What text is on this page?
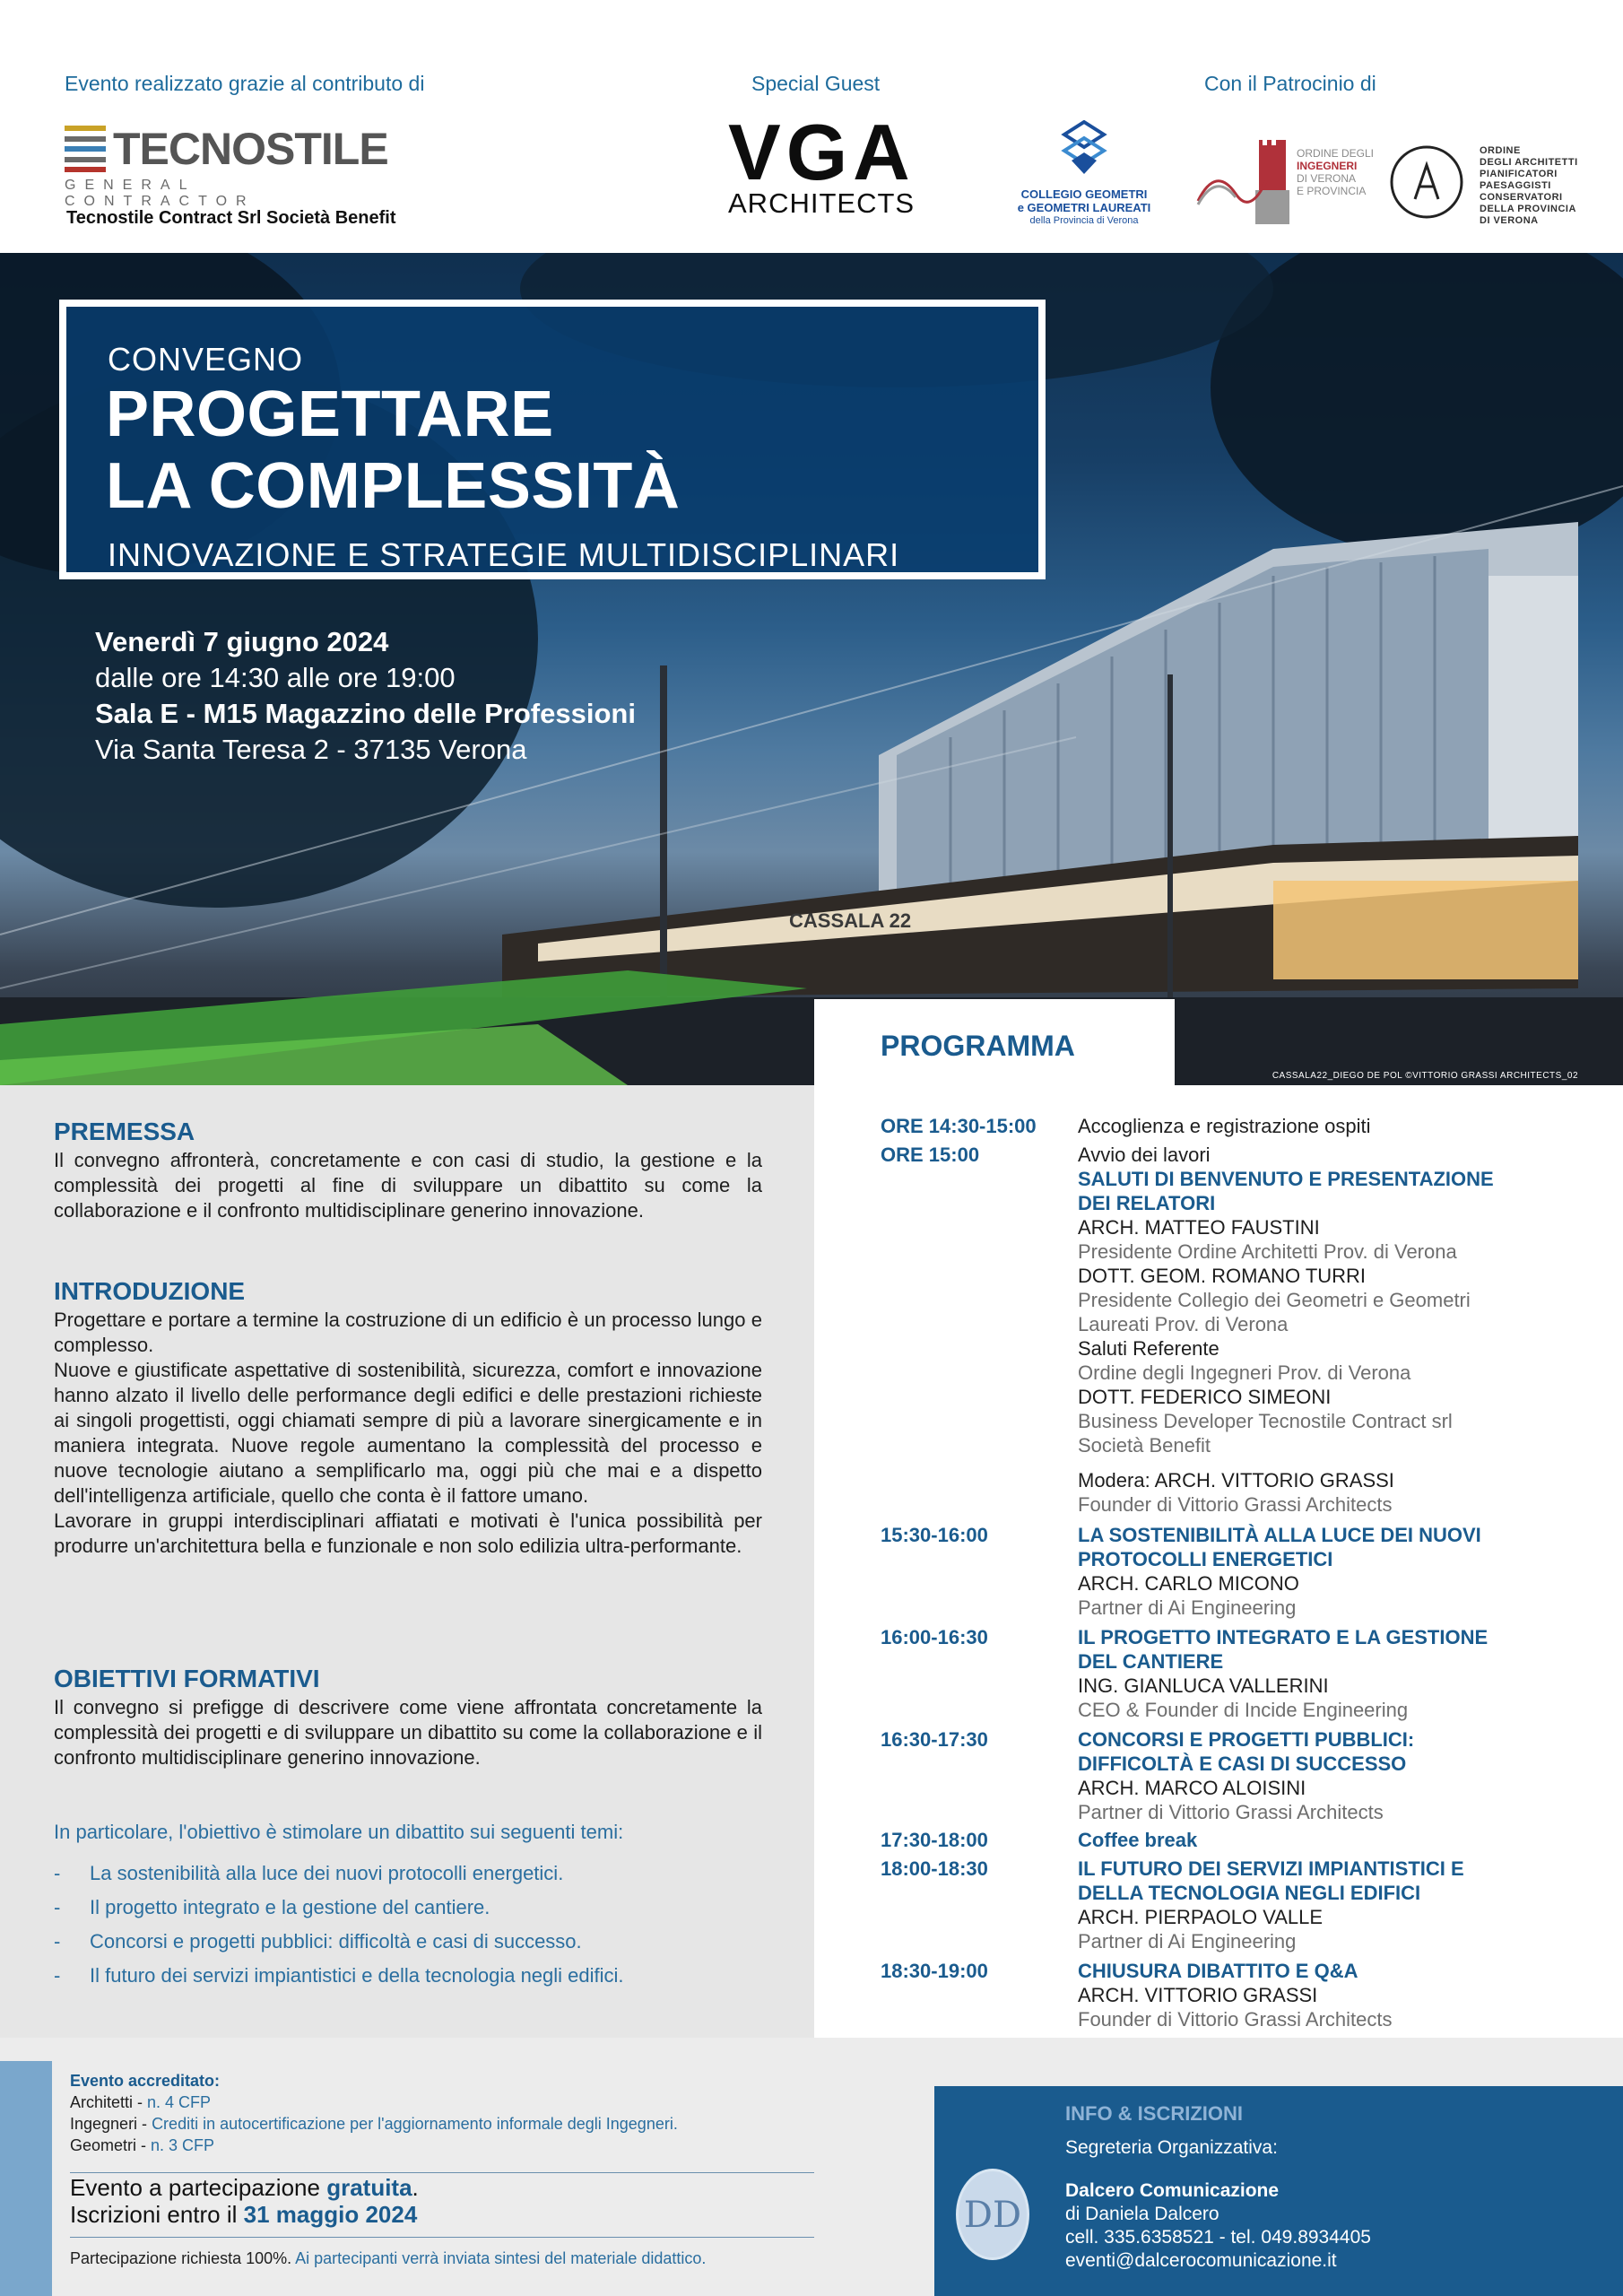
Evento realizzato grazie al contributo di	Special Guest	Con il Patrocinio di
TECNOSTILE
GENERAL CONTRACTOR
Tecnostile Contract Srl Società Benefit
VGA
ARCHITECTS	COLLEGIO GEOMETRI
e GEOMETRI LAUREATI
della Provincia di Verona
ORDINE DEGLI
INGEGNERI
DI VERONA
E PROVINCIA
ORDINE
DEGLI ARCHITETTI
PIANIFICATORI
PAESAGGISTI
CONSERVATORI
DELLA PROVINCIA
DI VERONA
CASSALA 22
CONVEGNO
PROGETTARE
LA COMPLESSITÀ
INNOVAZIONE E STRATEGIE MULTIDISCIPLINARI
Venerdì 7 giugno 2024
dalle ore 14:30 alle ore 19:00
Sala E - M15 Magazzino delle Professioni
Via Santa Teresa 2 - 37135 Verona
PROGRAMMA
CASSALA22_DIEGO DE POL ©VITTORIO GRASSI ARCHITECTS_02
PREMESSA
Il convegno affronterà, concretamente e con casi di studio, la gestione e la complessità dei progetti al fine di sviluppare un dibattito su come la collaborazione e il confronto multidisciplinare generino innovazione.
INTRODUZIONE
Progettare e portare a termine la costruzione di un edificio è un processo lungo e complesso.
Nuove e giustificate aspettative di sostenibilità, sicurezza, comfort e innovazione hanno alzato il livello delle performance degli edifici e delle prestazioni richieste ai singoli progettisti, oggi chiamati sempre di più a lavorare sinergicamente e in maniera integrata. Nuove regole aumentano la complessità del processo e nuove tecnologie aiutano a semplificarlo ma, oggi più che mai e a dispetto dell'intelligenza artificiale, quello che conta è il fattore umano.
Lavorare in gruppi interdisciplinari affiatati e motivati è l'unica possibilità per produrre un'architettura bella e funzionale e non solo edilizia ultra-performante.
OBIETTIVI FORMATIVI
Il convegno si prefigge di descrivere come viene affrontata concretamente la complessità dei progetti e di sviluppare un dibattito su come la collaborazione e il confronto multidisciplinare generino innovazione.
In particolare, l'obiettivo è stimolare un dibattito sui seguenti temi:
-	La sostenibilità alla luce dei nuovi protocolli energetici.
-	Il progetto integrato e la gestione del cantiere.
-	Concorsi e progetti pubblici: difficoltà e casi di successo.
-	Il futuro dei servizi impiantistici e della tecnologia negli edifici.
ORE 14:30-15:00	Accoglienza e registrazione ospiti
ORE 15:00	Avvio dei lavori
SALUTI DI BENVENUTO E PRESENTAZIONE
DEI RELATORI
ARCH. MATTEO FAUSTINI
Presidente Ordine Architetti Prov. di Verona
DOTT. GEOM. ROMANO TURRI
Presidente Collegio dei Geometri e Geometri
Laureati Prov. di Verona
Saluti Referente
Ordine degli Ingegneri Prov. di Verona
DOTT. FEDERICO SIMEONI
Business Developer Tecnostile Contract srl
Società Benefit
Modera: ARCH. VITTORIO GRASSI
Founder di Vittorio Grassi Architects
15:30-16:00	LA SOSTENIBILITÀ ALLA LUCE DEI NUOVI
PROTOCOLLI ENERGETICI
ARCH. CARLO MICONO
Partner di Ai Engineering
16:00-16:30	IL PROGETTO INTEGRATO E LA GESTIONE
DEL CANTIERE
ING. GIANLUCA VALLERINI
CEO & Founder di Incide Engineering
16:30-17:30	CONCORSI E PROGETTI PUBBLICI:
DIFFICOLTÀ E CASI DI SUCCESSO
ARCH. MARCO ALOISINI
Partner di Vittorio Grassi Architects
17:30-18:00	Coffee break
18:00-18:30	IL FUTURO DEI SERVIZI IMPIANTISTICI E
DELLA TECNOLOGIA NEGLI EDIFICI
ARCH. PIERPAOLO VALLE
Partner di Ai Engineering
18:30-19:00	CHIUSURA DIBATTITO E Q&A
ARCH. VITTORIO GRASSI
Founder di Vittorio Grassi Architects
Evento accreditato:
Architetti - n. 4 CFP
Ingegneri - Crediti in autocertificazione per l'aggiornamento informale degli Ingegneri.
Geometri - n. 3 CFP
Evento a partecipazione gratuita.
Iscrizioni entro il 31 maggio 2024
Partecipazione richiesta 100%. Ai partecipanti verrà inviata sintesi del materiale didattico.
DD
INFO & ISCRIZIONI
Segreteria Organizzativa:
Dalcero Comunicazione
di Daniela Dalcero
cell. 335.6358521 - tel. 049.8934405
eventi@dalcerocomunicazione.it
